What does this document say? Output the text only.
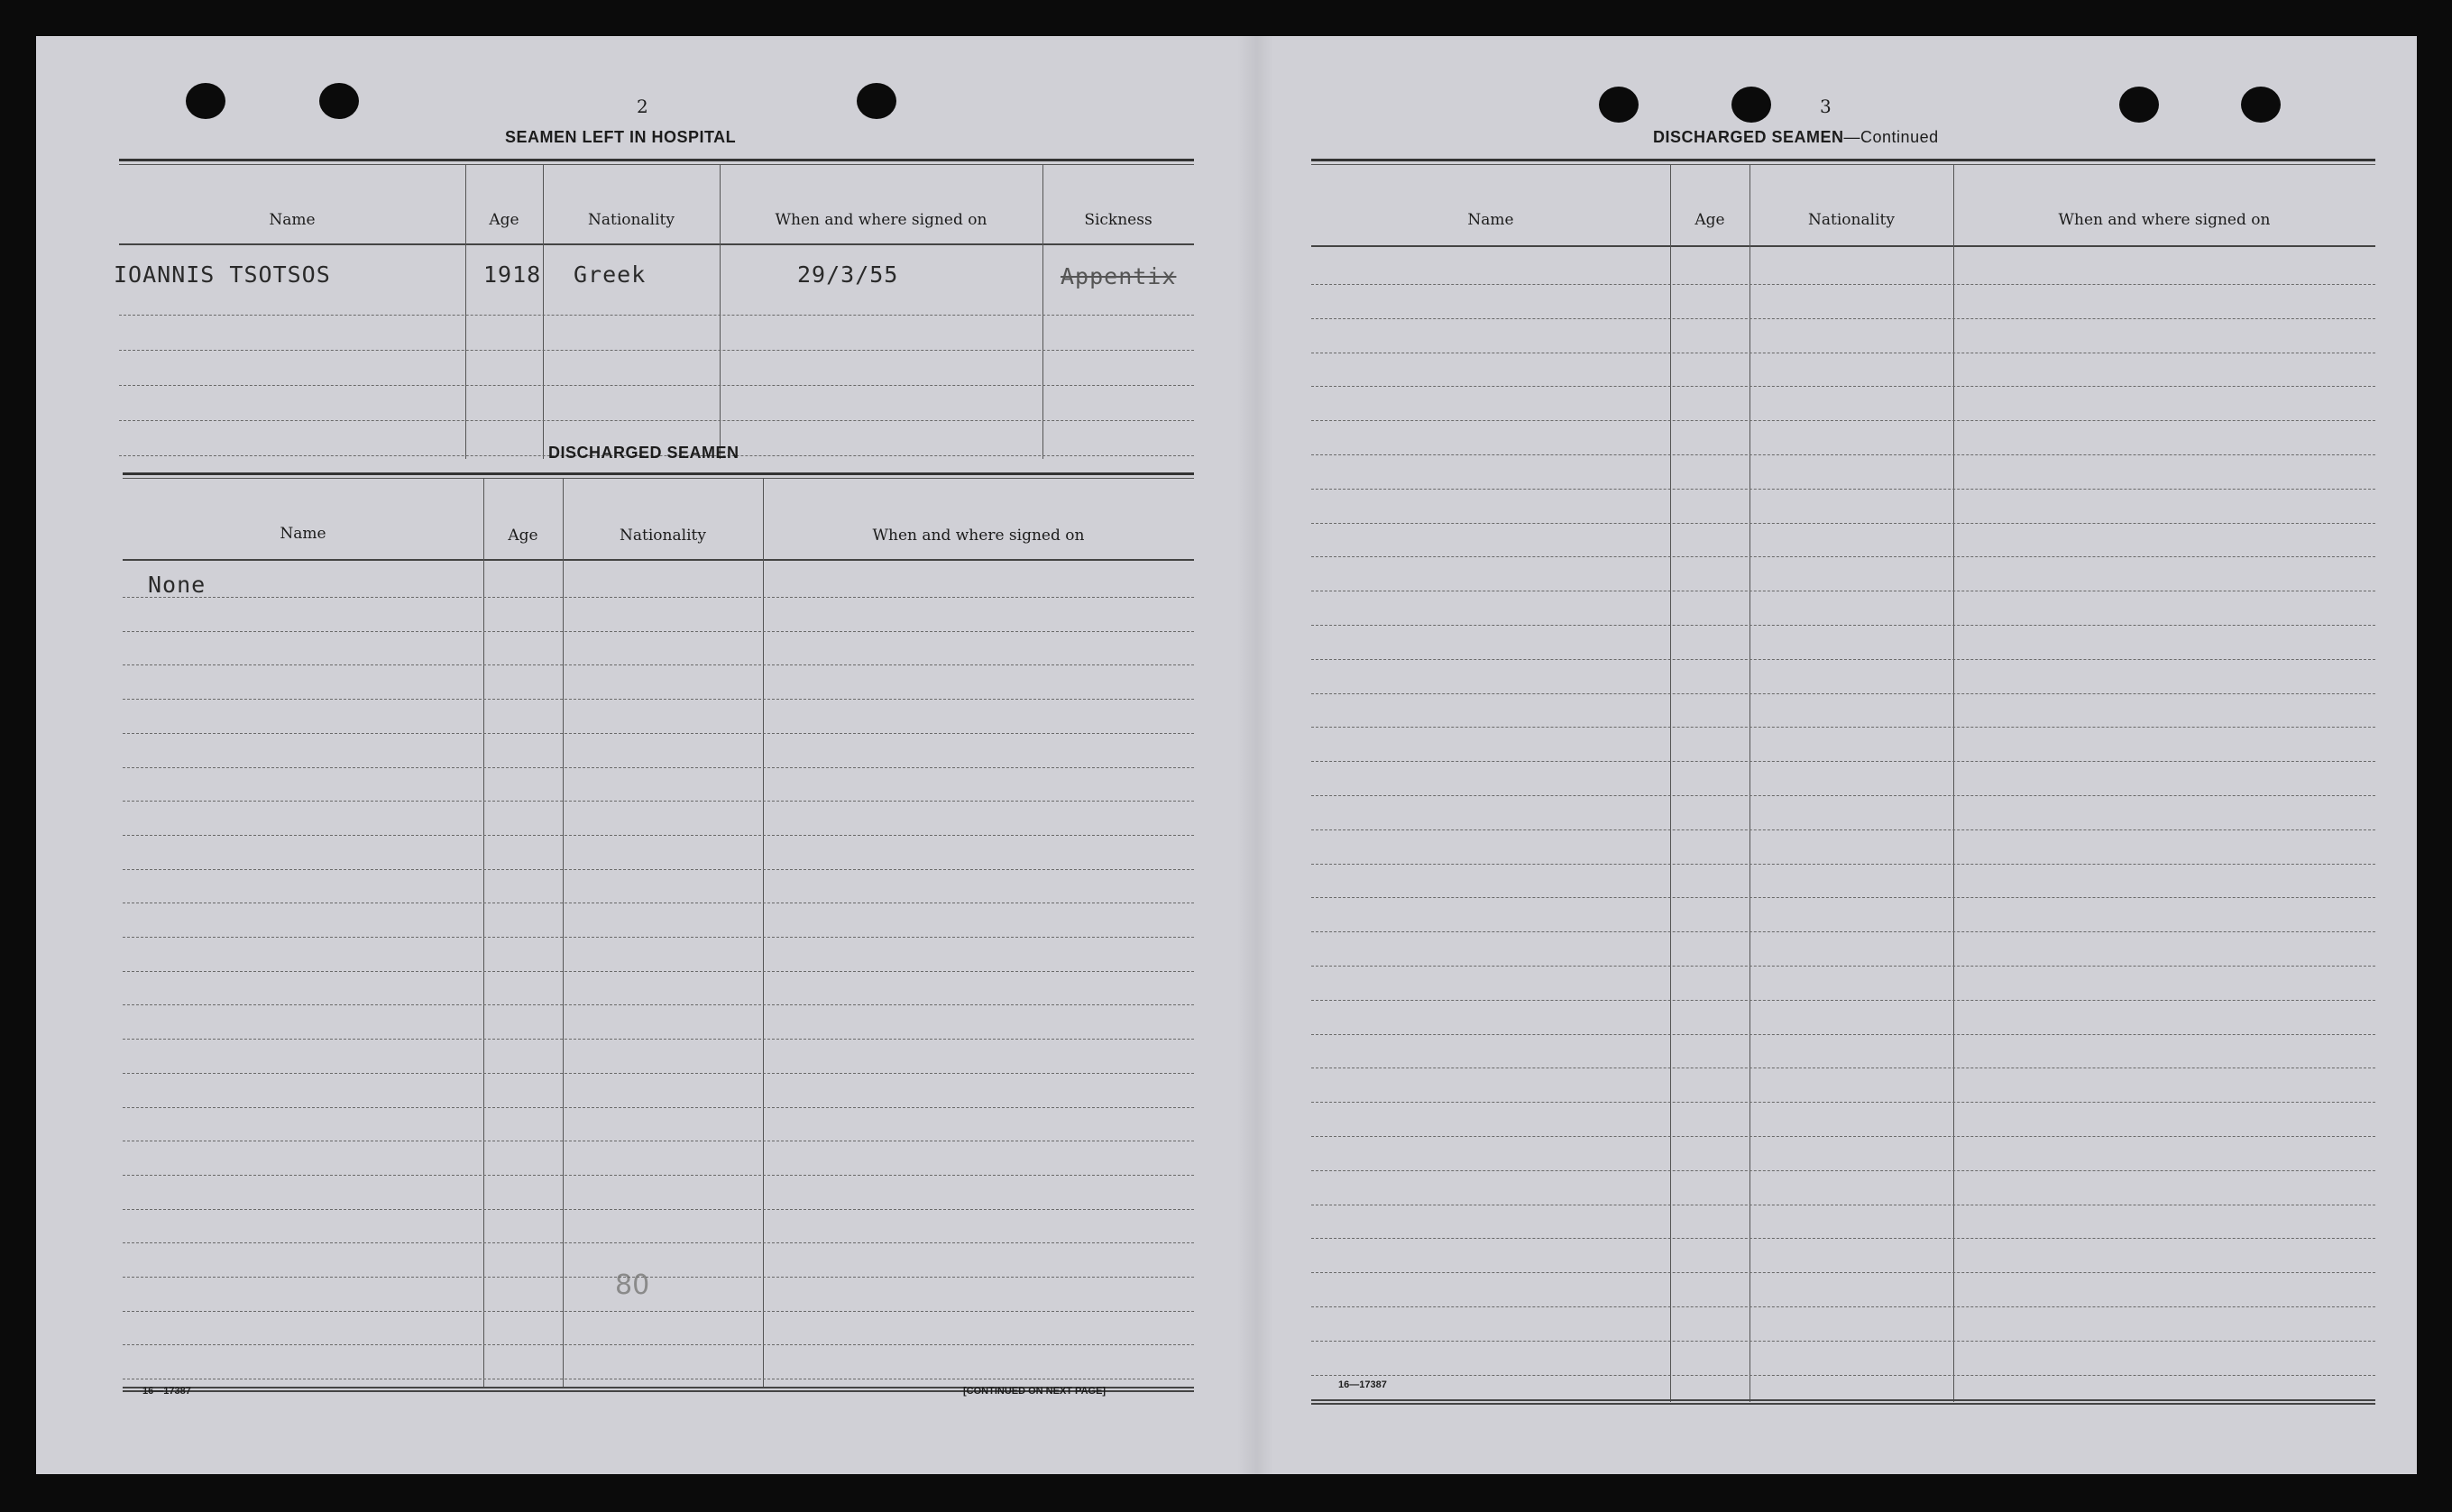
2
SEAMEN LEFT IN HOSPITAL
Name	Age	Nationality	When and where signed on	Sickness
IOANNIS TSOTSOS	1918 Greek	29/3/55	Appentix
DISCHARGED SEAMEN
Name	Age	Nationality	When and where signed on
None
80
16—17387	[CONTINUED ON NEXT PAGE]
3
DISCHARGED SEAMEN—Continued
Name	Age	Nationality	When and where signed on
16—17387
